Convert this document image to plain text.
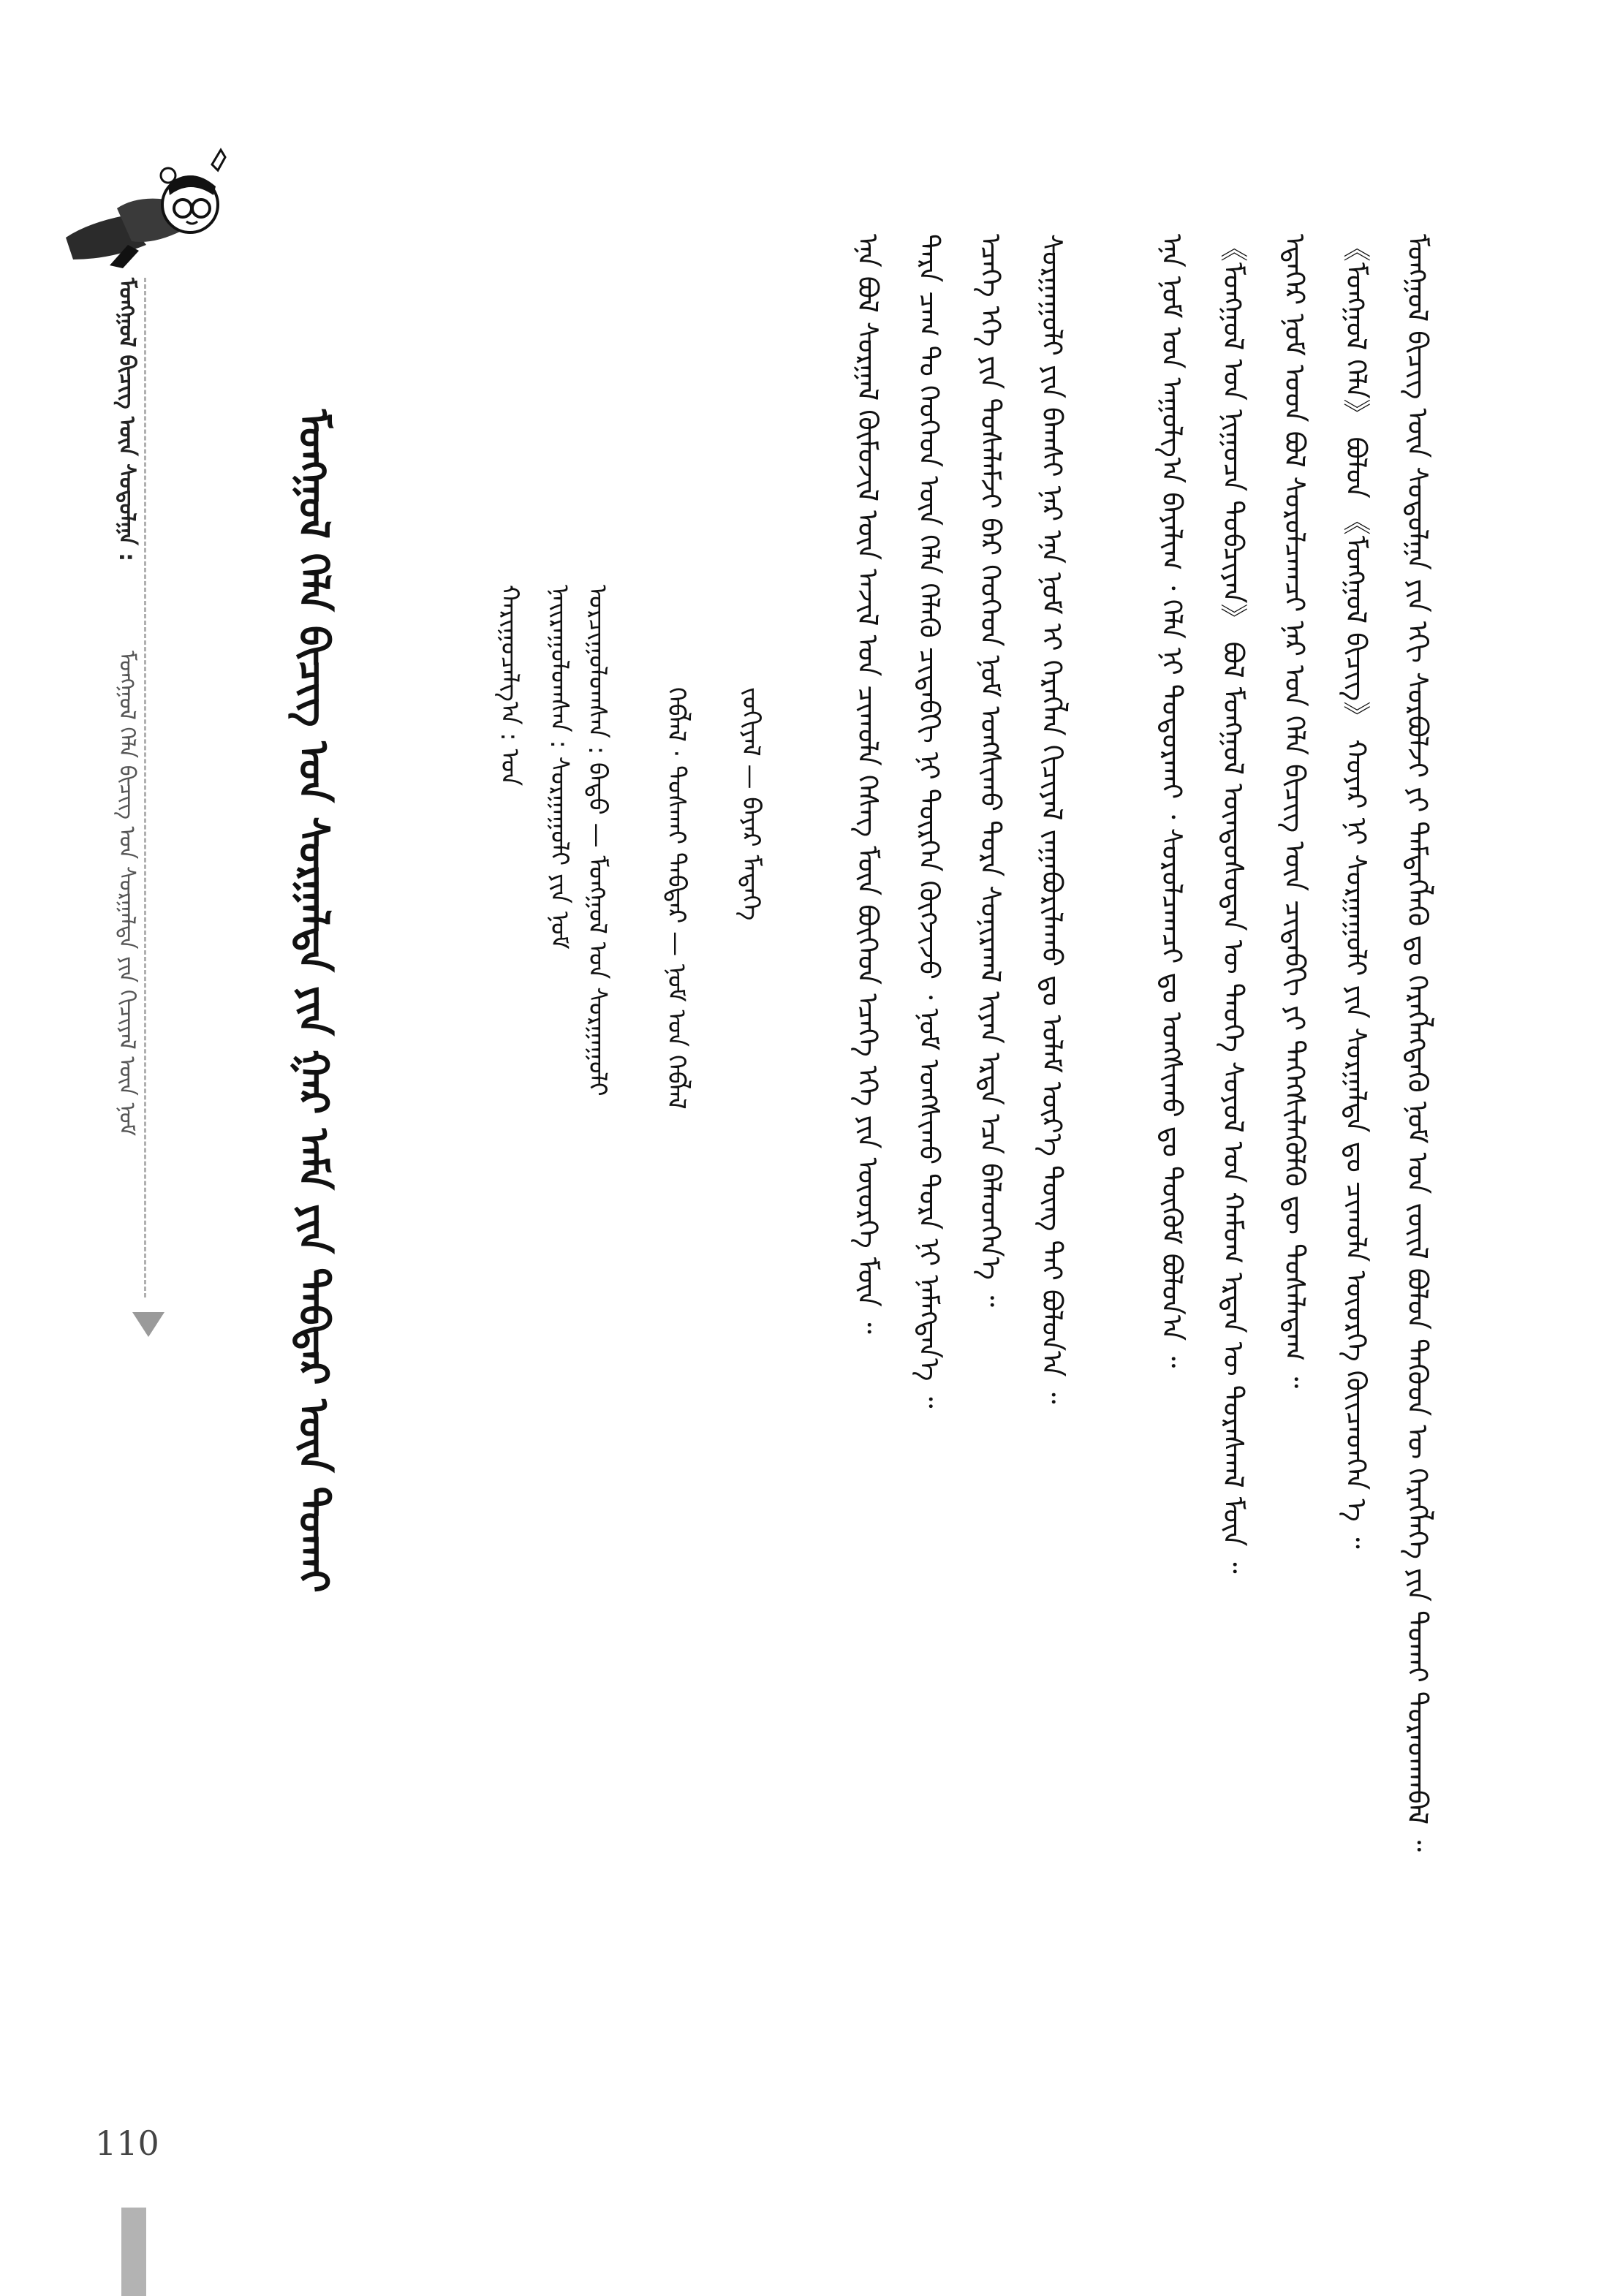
110
ᠮᠣᠩᠭᠣᠯ ᠪᠢᠴᠢᠭ᠌ ᠦᠨ ᠰᠤᠳᠤᠯᠭᠠ :
ᠮᠣᠩᠭᠣᠯ ᠬᠡᠯᠡ ᠪᠢᠴᠢᠭ᠌ ᠤᠨ ᠰᠤᠷᠭᠠᠯᠳᠠ ᠶᠢᠨ ᠬᠢᠴᠢᠶᠡᠯ ᠦᠨ ᠨᠣᠮ	ᠮᠣᠩᠭᠣᠯ ᠬᠡᠯᠡ ᠪᠢᠴᠢᠭ᠌ ᠤᠨ ᠰᠤᠷᠭᠠᠯᠳᠠ ᠶᠢᠨ ᠭᠠᠷ ᠠᠮᠠ ᠶᠢᠨ ᠳᠡᠪᠲᠡᠷ ᠦᠨ ᠲᠤᠬᠠᠢ	ᠵᠣᠬᠢᠶᠠᠯ — ᠪᠠᠶᠠᠷ ᠮᠡᠳᠡᠭᠡ
ᠬᠡᠪᠯᠡᠯ · ᠲᠤᠰᠬᠠᠢ ᠳᠡᠪᠲᠡᠷ — ᠨᠣᠮ ᠤᠨ ᠬᠡᠪᠯᠡᠯ
ᠣᠷᠴᠢᠭᠤᠯᠤᠭᠰᠠᠨ : ᠪᠠᠲᠤ — ᠮᠣᠩᠭᠣᠯ ᠤᠨ ᠰᠤᠷᠭᠠᠭᠤᠯᠢ
ᠨᠠᠢᠷᠠᠭᠤᠯᠤᠭᠰᠠᠨ : ᠰᠤᠷᠭᠠᠭᠤᠯᠢ ᠶᠢᠨ ᠨᠣᠮ
ᠬᠠᠷᠢᠭᠤᠴᠠᠯᠭ᠎ᠠ : ᠣᠨ	ᠮᠣᠩᠭᠣᠯ ᠪᠢᠴᠢᠭ᠌ ᠦᠨ ᠰᠤᠳᠤᠯᠭᠠ ᠶᠢᠨ ᠡᠬᠢ ᠰᠤᠷᠪᠤᠯᠵᠢ ᠶᠢ ᠲᠡᠮᠳᠡᠭᠯᠡᠬᠦ ᠳᠤ ᠬᠡᠷᠡᠭᠯᠡᠭᠳᠡᠬᠦ ᠨᠣᠮ ᠤᠨ ᠵᠦᠢᠯ ᠪᠣᠯᠤᠨ ᠲᠡᠭᠦᠦᠨ ᠦ ᠬᠡᠷᠡᠭᠯᠡᠭᠡ ᠶᠢᠨ ᠲᠤᠬᠠᠢ ᠳᠤᠷᠠᠳᠬᠠᠪᠠᠯ ᠃
《ᠮᠣᠩᠭᠣᠯ ᠬᠡᠯᠡ》 ᠪᠣᠯᠤᠨ 《ᠮᠣᠩᠭᠣᠯ ᠪᠢᠴᠢᠭ᠌》 ᠬᠣᠶᠠᠷ ᠨᠢ ᠰᠤᠷᠭᠠᠭᠤᠯᠢ ᠶᠢᠨ ᠰᠤᠷᠭᠠᠯᠳᠠ ᠳᠤ ᠴᠢᠬᠤᠯᠠ ᠦᠦᠷᠭᠡ ᠭᠦᠢᠴᠡᠳᠭᠡᠨ ᠡ ᠃
ᠡᠳᠡᠭᠡᠷ ᠨᠣᠮ ᠤᠳ ᠪᠣᠯ ᠰᠤᠷᠤᠯᠴᠠᠭᠴᠢ ᠨᠠᠷ ᠤᠨ ᠬᠡᠯᠡ ᠪᠢᠴᠢᠭ᠌ ᠦᠨ ᠴᠢᠳᠠᠪᠬᠢ ᠶᠢ ᠳᠡᠭᠡᠭᠰᠢᠯᠡᠭᠦᠯᠬᠦ ᠳᠦ ᠲᠤᠰᠠᠯᠠᠳᠠᠭ ᠃
《ᠮᠣᠩᠭᠣᠯ ᠤᠨ ᠨᠢᠭᠤᠴᠠ ᠲᠣᠪᠴᠢᠶᠠᠨ》 ᠪᠣᠯ ᠮᠣᠩᠭᠣᠯ ᠦᠨᠳᠦᠰᠦᠲᠡᠨ ᠦ ᠲᠡᠦᠬᠡ ᠰᠣᠶᠣᠯ ᠤᠨ ᠬᠠᠮᠤᠭ ᠡᠷᠲᠡᠨ ᠦ ᠳᠤᠷᠠᠰᠬᠠᠯ ᠮᠥᠨ ᠃
ᠡᠨᠡ ᠨᠣᠮ ᠤᠨ ᠠᠭᠤᠯᠭ᠎ᠠ ᠪᠠᠶᠠᠯᠢᠭ ᠂ ᠬᠡᠯᠡ ᠨᠢ ᠲᠣᠳᠣᠷᠬᠠᠢ ᠂ ᠰᠤᠷᠤᠯᠴᠠᠭᠴᠢ ᠳᠤ ᠤᠩᠰᠢᠬᠤ ᠳᠤ ᠳᠥᠭᠥᠮ ᠪᠣᠯᠤᠨ᠎ᠠ ᠃
ᠰᠤᠷᠭᠠᠭᠤᠯᠢ ᠶᠢᠨ ᠪᠠᠭᠰᠢ ᠨᠠᠷ ᠡᠨᠡ ᠨᠣᠮ ᠢ ᠬᠡᠷᠡᠭᠯᠡᠨ ᠬᠢᠴᠢᠶᠡᠯ ᠵᠠᠭᠠᠪᠤᠷᠢᠯᠠᠬᠤ ᠳᠤ ᠤᠯᠠᠮ ᠦᠷ᠎ᠡ ᠳᠦᠩ ᠲᠠᠢ ᠪᠣᠯᠤᠨ᠎ᠠ ᠃
ᠡᠴᠡᠭᠡ ᠡᠬᠡ ᠶᠢᠨ ᠲᠤᠰᠠᠯᠠᠮᠵᠢ ᠪᠡᠷ ᠬᠡᠦᠬᠡᠳ ᠨᠣᠮ ᠤᠩᠰᠢᠬᠤ ᠳᠤᠷᠠ ᠰᠣᠨᠢᠷᠬᠠᠯ ᠢᠶᠠᠨ ᠡᠷᠲᠡ ᠡᠴᠡ ᠪᠡᠯᠡᠳᠬᠡᠨ᠎ᠡ ᠃
ᠲᠡᠷᠡ ᠴᠠᠭ ᠲᠤ ᠬᠡᠦᠬᠡᠳ ᠦᠨ ᠬᠡᠯᠡ ᠬᠡᠯᠡᠬᠦ ᠴᠢᠳᠠᠪᠬᠢ ᠨᠢ ᠲᠦᠷᠭᠡᠨ ᠬᠥᠭᠵᠢᠵᠦ ᠂ ᠨᠣᠮ ᠤᠩᠰᠢᠬᠤ ᠳᠤᠷᠠ ᠨᠢ ᠨᠡᠮᠡᠭᠳᠡᠨ᠎ᠡ ᠃
ᠡᠨᠡ ᠪᠣᠯ ᠰᠤᠷᠭᠠᠯ ᠬᠥᠮᠦᠵᠢᠯ ᠦᠨ ᠠᠵᠢᠯ ᠤᠨ ᠴᠢᠬᠤᠯᠠ ᠬᠡᠰᠡᠭ ᠮᠥᠨ ᠪᠥᠭᠡᠳ ᠡᠴᠡᠭᠡ ᠡᠬᠡ ᠶᠢᠨ ᠦᠦᠷᠭᠡ ᠮᠥᠨ ᠃
